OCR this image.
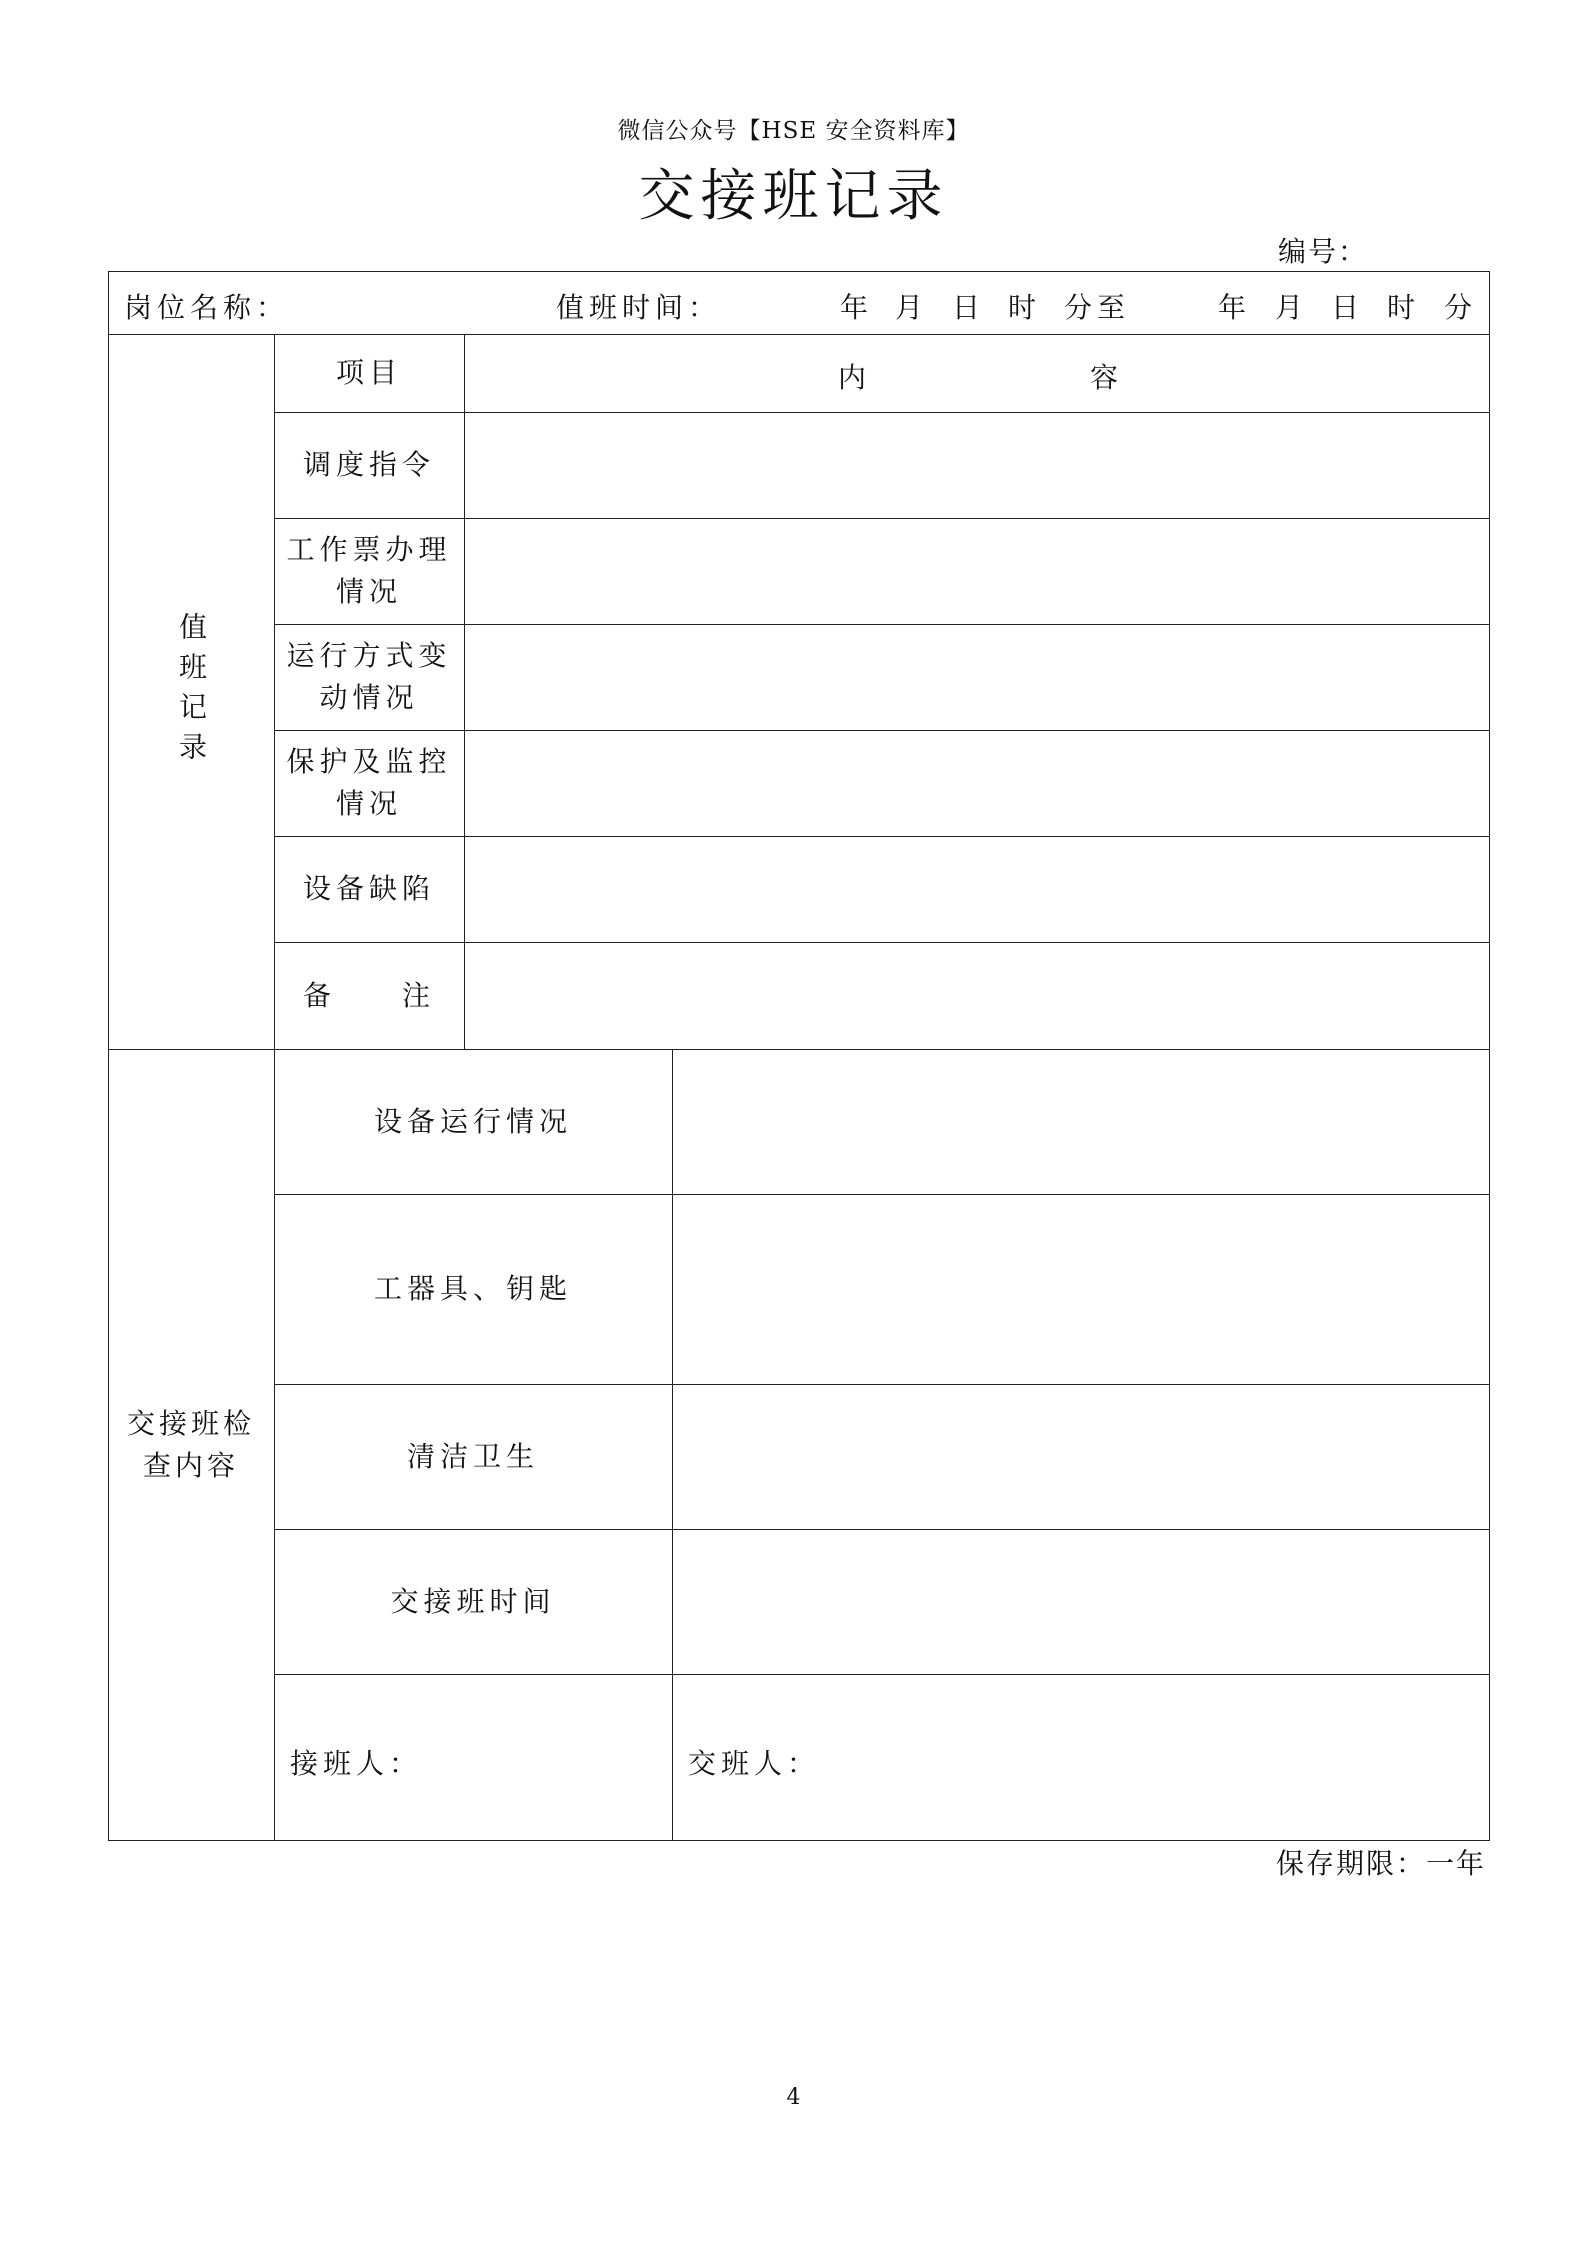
微信公众号【HSE 安全资料库】
交接班记录
编号：
岗位名称：	值班时间：	年 月 日 时 分至	年 月 日 时 分
值班记录
项目	内	容
调度指令
工作票办理情况
运行方式变动情况
保护及监控情况
设备缺陷
备　　注
交接班检查内容
设备运行情况
工器具、钥匙
清洁卫生
交接班时间
接班人：	交班人：
保存期限：一年
4
